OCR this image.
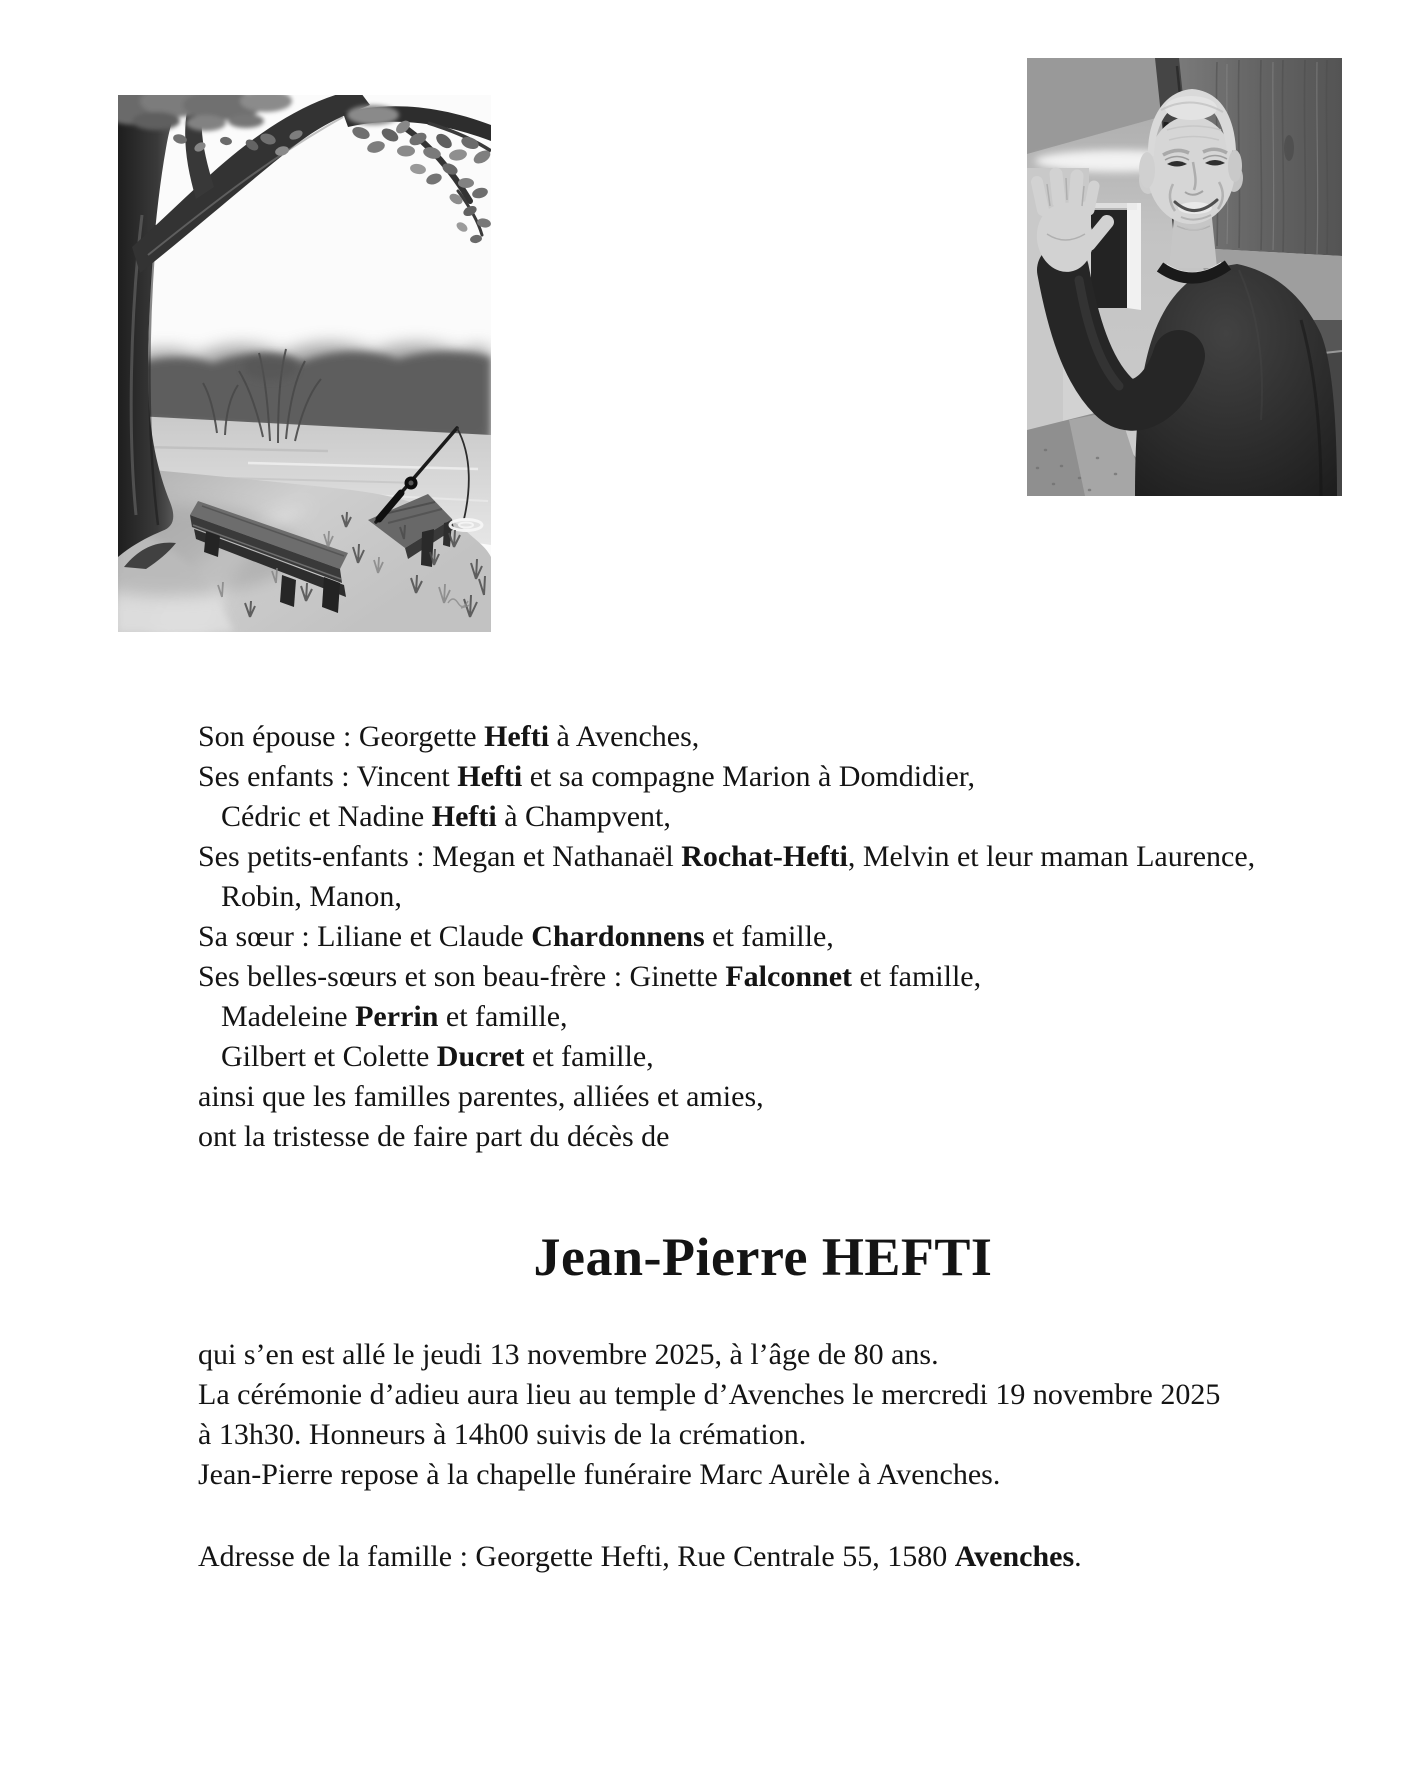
Son épouse : Georgette Hefti à Avenches,
Ses enfants : Vincent Hefti et sa compagne Marion à Domdidier,
Cédric et Nadine Hefti à Champvent,
Ses petits-enfants : Megan et Nathanaël Rochat-Hefti, Melvin et leur maman Laurence,
Robin, Manon,
Sa sœur : Liliane et Claude Chardonnens et famille,
Ses belles-sœurs et son beau-frère : Ginette Falconnet et famille,
Madeleine Perrin et famille,
Gilbert et Colette Ducret et famille,
ainsi que les familles parentes, alliées et amies,
ont la tristesse de faire part du décès de
Jean-Pierre HEFTI
qui s’en est allé le jeudi 13 novembre 2025, à l’âge de 80 ans.
La cérémonie d’adieu aura lieu au temple d’Avenches le mercredi 19 novembre 2025
à 13h30. Honneurs à 14h00 suivis de la crémation.
Jean-Pierre repose à la chapelle funéraire Marc Aurèle à Avenches.
Adresse de la famille : Georgette Hefti, Rue Centrale 55, 1580 Avenches.
